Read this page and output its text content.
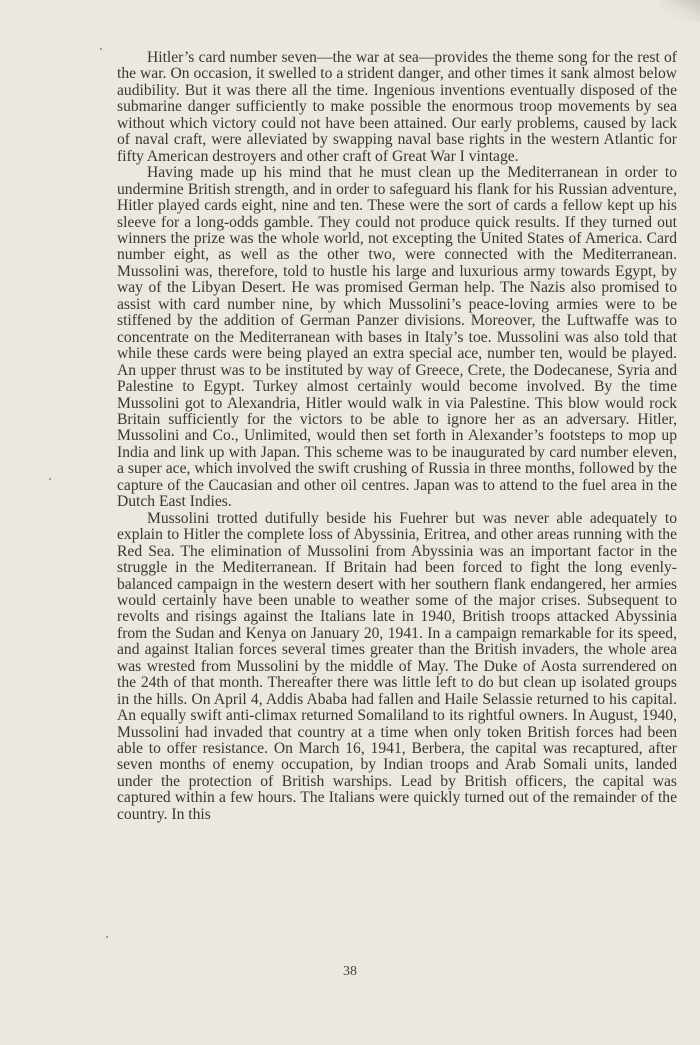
Hitler’s card number seven—the war at sea—provides the theme song for the rest of the war. On occasion, it swelled to a strident danger, and other times it sank almost below audibility. But it was there all the time. Ingenious inventions eventually disposed of the submarine danger sufficiently to make possible the enormous troop movements by sea without which victory could not have been attained. Our early problems, caused by lack of naval craft, were alleviated by swapping naval base rights in the western Atlantic for fifty American destroyers and other craft of Great War I vintage.

Having made up his mind that he must clean up the Mediterranean in order to undermine British strength, and in order to safeguard his flank for his Russian adventure, Hitler played cards eight, nine and ten. These were the sort of cards a fellow kept up his sleeve for a long-odds gamble. They could not produce quick results. If they turned out winners the prize was the whole world, not excepting the United States of America. Card number eight, as well as the other two, were connected with the Mediterranean. Mussolini was, therefore, told to hustle his large and luxurious army towards Egypt, by way of the Libyan Desert. He was promised German help. The Nazis also promised to assist with card number nine, by which Mussolini’s peace-loving armies were to be stiffened by the addition of German Panzer divisions. Moreover, the Luftwaffe was to concentrate on the Mediterranean with bases in Italy’s toe. Mussolini was also told that while these cards were being played an extra special ace, number ten, would be played. An upper thrust was to be instituted by way of Greece, Crete, the Dodecanese, Syria and Palestine to Egypt. Turkey almost certainly would become involved. By the time Mussolini got to Alexandria, Hitler would walk in via Palestine. This blow would rock Britain sufficiently for the victors to be able to ignore her as an adversary. Hitler, Mussolini and Co., Unlimited, would then set forth in Alexander’s footsteps to mop up India and link up with Japan. This scheme was to be inaugurated by card number eleven, a super ace, which involved the swift crushing of Russia in three months, followed by the capture of the Caucasian and other oil centres. Japan was to attend to the fuel area in the Dutch East Indies.

Mussolini trotted dutifully beside his Fuehrer but was never able adequately to explain to Hitler the complete loss of Abyssinia, Eritrea, and other areas running with the Red Sea. The elimination of Mussolini from Abyssinia was an important factor in the struggle in the Mediterranean. If Britain had been forced to fight the long evenly-balanced campaign in the western desert with her southern flank endangered, her armies would certainly have been unable to weather some of the major crises. Subsequent to revolts and risings against the Italians late in 1940, British troops attacked Abyssinia from the Sudan and Kenya on January 20, 1941. In a campaign remarkable for its speed, and against Italian forces several times greater than the British invaders, the whole area was wrested from Mussolini by the middle of May. The Duke of Aosta surrendered on the 24th of that month. Thereafter there was little left to do but clean up isolated groups in the hills. On April 4, Addis Ababa had fallen and Haile Selassie returned to his capital. An equally swift anti-climax returned Somaliland to its rightful owners. In August, 1940, Mussolini had invaded that country at a time when only token British forces had been able to offer resistance. On March 16, 1941, Berbera, the capital was recaptured, after seven months of enemy occupation, by Indian troops and Arab Somali units, landed under the protection of British warships. Lead by British officers, the capital was captured within a few hours. The Italians were quickly turned out of the remainder of the country. In this

38
